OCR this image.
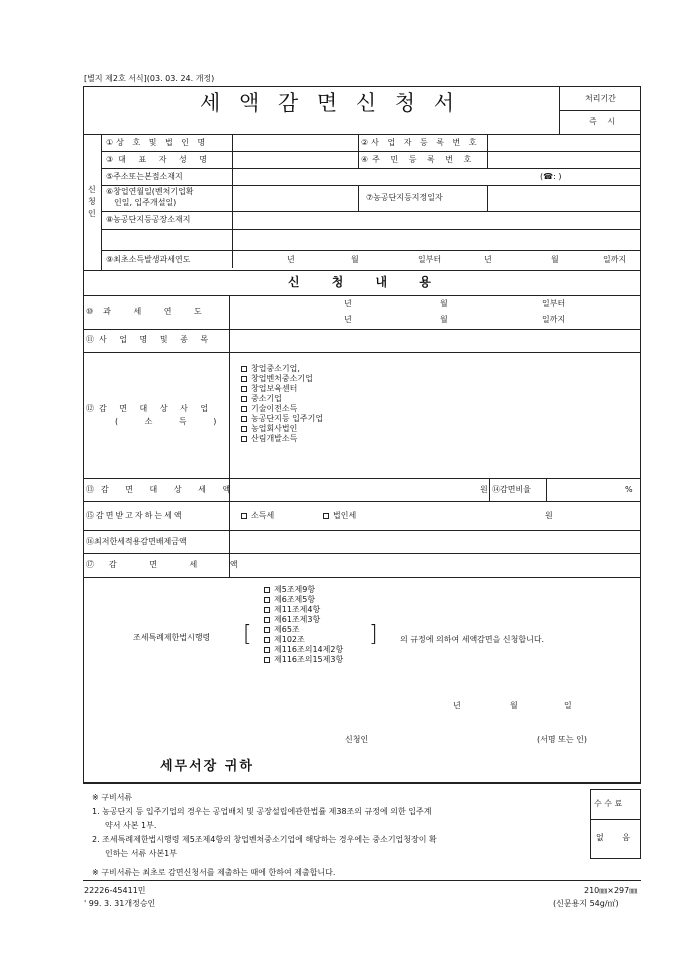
[별지 제2호 서식](03. 03. 24. 개정)
세 액 감 면 신 청 서	처리기간
즉 시
신 청 인
①상 호 및 법 인 명	②사 업 자 등 록 번 호
③대 표 자 성 명	④주 민 등 록 번 호
⑤주소또는본점소재지	(☎: )
⑥창업연월일(벤처기업확
인일, 입주개설일)
⑦농공단지등지정일자
⑧농공단지등공장소재지
⑨최초소득발생과세연도	년	월	일부터	년	월	일까지
신 청 내 용
⑩과 세 연 도
년	월	일부터
년	월	일까지
⑪사 업 명 및 종 목
⑫감 면 대 상 사 업
( 소 득 )
창업중소기업,
창업벤처중소기업
창업보육센터
중소기업
기술이전소득
농공단지등 입주기업
농업회사법인
산림개발소득
⑬감 면 대 상 세 액	원 ⑭감면비율	%
⑮감면받고자하는세액	소득세	법인세	원
⑯최저한세적용감면배제금액
⑰감 면 세 액
제5조제9항
제6조제5항
제11조제4항
제61조제3항
제65조
제102조
제116조의14제2항
제116조의15제3항
조세특례제한법시행령 [	]	의 규정에 의하여 세액감면을 신청합니다.
년	월	일
신청인	(서명 또는 인)
세무서장 귀하
※ 구비서류
1. 농공단지 등 입주기업의 경우는 공업배치 및 공장설립에관한법률 제38조의 규정에 의한 입주계
약서 사본 1부.
2. 조세특례제한법시행령 제5조제4항의 창업벤처중소기업에 해당하는 경우에는 중소기업청장이 확
인하는 서류 사본1부
※ 구비서류는 최초로 감면신청서를 제출하는 때에 한하여 제출합니다.
수 수 료
없 음
22226-45411민
' 99. 3. 31개정승인
210㎜×297㎜
(신문용지 54g/㎡)
